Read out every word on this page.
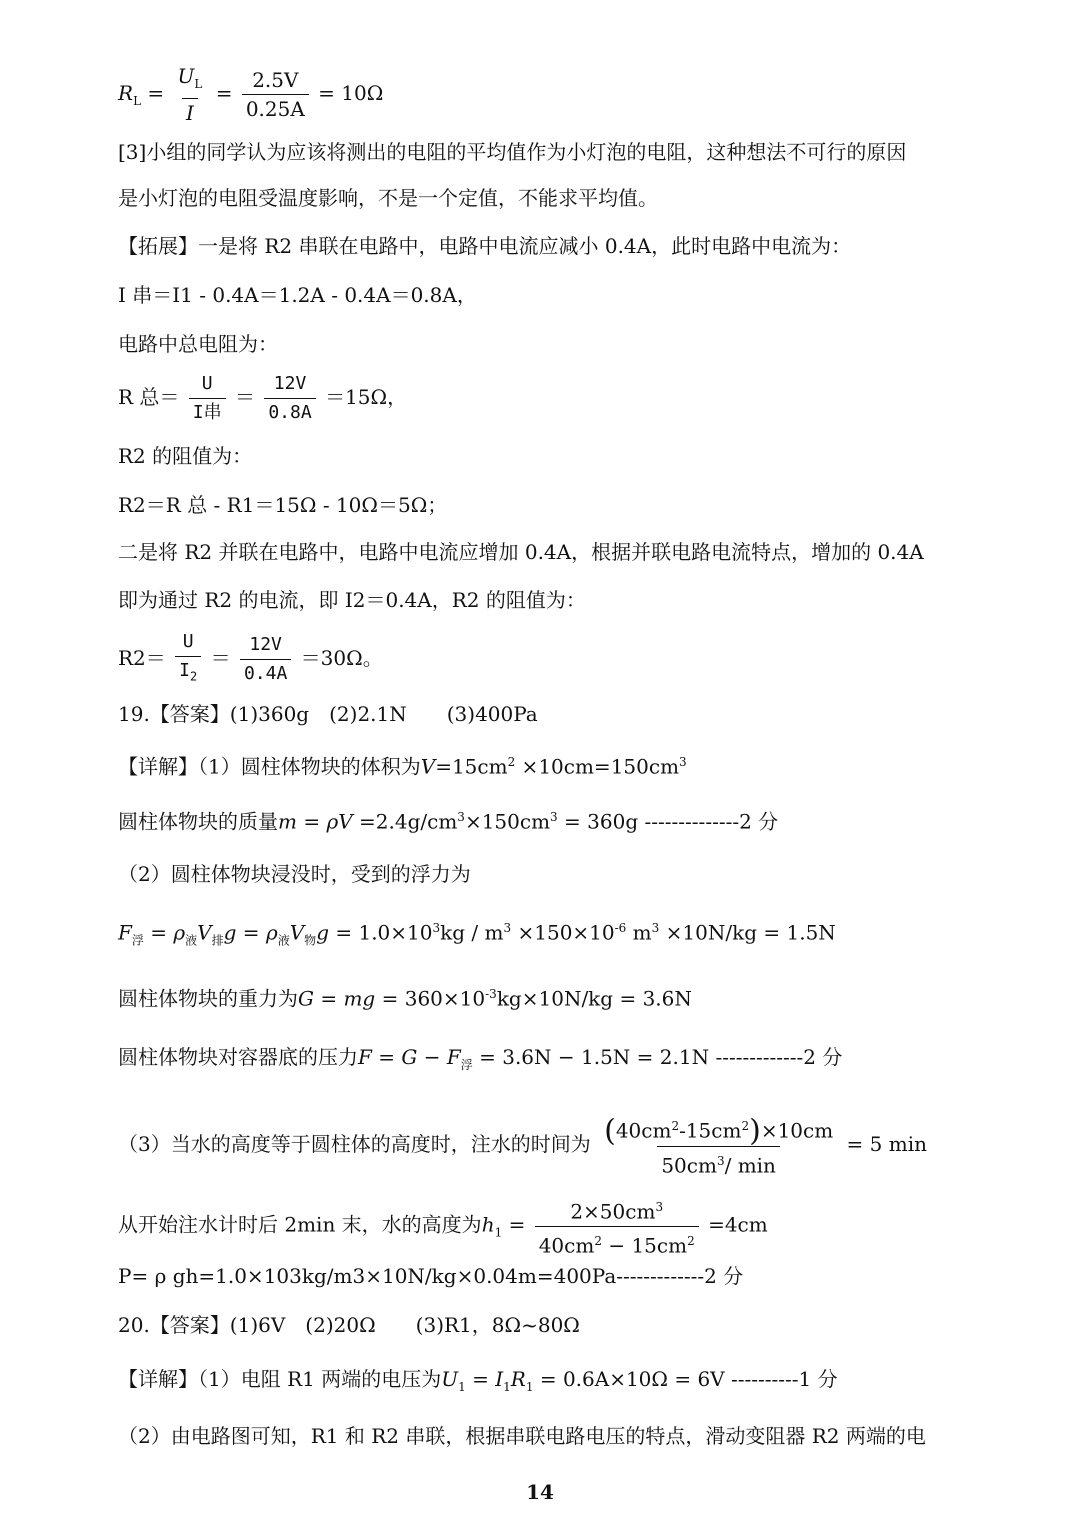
$R_L = \frac{U_L}{I} = \frac{2.5V}{0.25A} = 10\Omega$
[3]小组的同学认为应该将测出的电阻的平均值作为小灯泡的电阻，这种想法不可行的原因
是小灯泡的电阻受温度影响，不是一个定值，不能求平均值。
【拓展】一是将 R2 串联在电路中，电路中电流应减小 0.4A，此时电路中电流为：
I 串＝I1 - 0.4A＝1.2A - 0.4A＝0.8A，
电路中总电阻为：
R 总＝ $\frac{U}{\text{I串}} = \frac{12V}{0.8A} =15\Omega$，
R2 的阻值为：
R2＝R 总 - R1＝15Ω - 10Ω＝5Ω；
二是将 R2 并联在电路中，电路中电流应增加 0.4A，根据并联电路电流特点，增加的 0.4A
即为通过 R2 的电流，即 I2＝0.4A，R2 的阻值为：
$R2= \frac{U}{I_2} = \frac{12V}{0.4A} =30\Omega$。
19.【答案】(1)360g　(2)2.1N　　(3)400Pa
【详解】（1）圆柱体物块的体积为$V=15cm^2 \times 10cm=150cm^3$
圆柱体物块的质量$m = \rho V =2.4g/cm^3\times 150cm^3 = 360g$ --------------2 分
（2）圆柱体物块浸没时，受到的浮力为
$F_浮 = \rho_液V_排g = \rho_液V_物g = 1.0\times 10^3kg / m^3 \times 150\times 10^{-6}$ $m^3 \times 10N/kg = 1.5N$
圆柱体物块的重力为G = mg = $360\times 10^{-3}kg\times 10N/kg = 3.6N$
圆柱体物块对容器底的压力$F = G - F_浮 = 3.6N - 1.5N = 2.1N$ -------------2 分
（3）当水的高度等于圆柱体的高度时，注水的时间为 $\frac{(40cm^2-15cm^2)\times 10cm}{50cm^3/ \min} = 5$ min
从开始注水计时后 2min 末，水的高度为$h_1 = \frac{2\times 50cm^3}{40cm^2 - 15cm^2} =4cm$
P= ρ gh=1.0×103kg/m3×10N/kg×0.04m=400Pa-------------2 分
20.【答案】(1)6V　(2)20Ω　　(3)R1，8Ω~80Ω
【详解】（1）电阻 R1 两端的电压为$U_1 = I_1R_1 = 0.6A\times 10\Omega = 6V$ ----------1 分
（2）由电路图可知，R1 和 R2 串联，根据串联电路电压的特点，滑动变阻器 R2 两端的电
14
